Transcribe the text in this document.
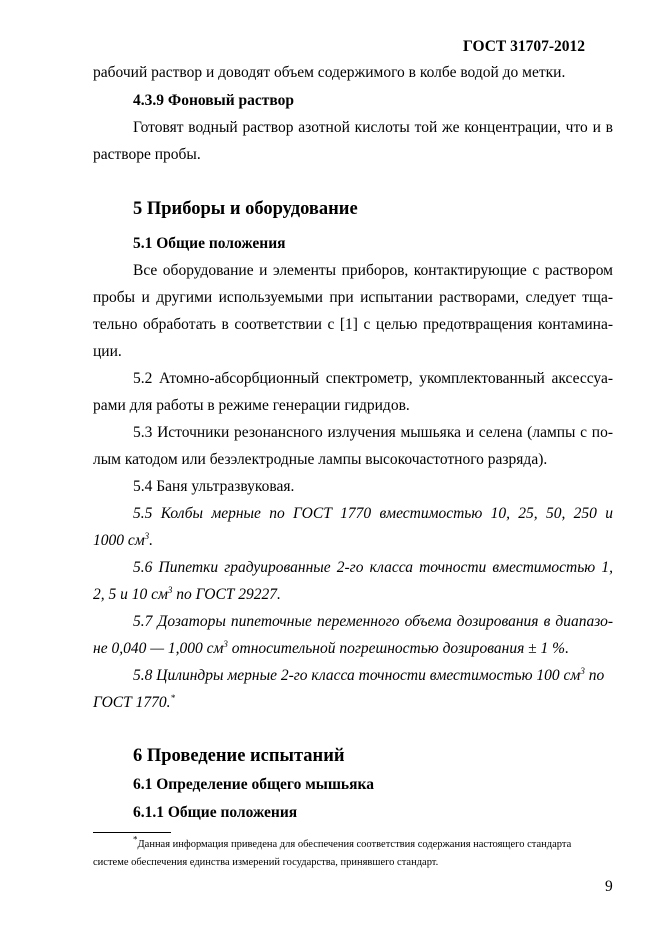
ГОСТ 31707-2012
рабочий раствор и доводят объем содержимого в колбе водой до метки.
4.3.9 Фоновый раствор
Готовят водный раствор азотной кислоты той же концентрации, что и в
растворе пробы.
5 Приборы и оборудование
5.1 Общие положения
Все оборудование и элементы приборов, контактирующие с раствором
пробы и другими используемыми при испытании растворами, следует тща-
тельно обработать в соответствии с [1] с целью предотвращения контамина-
ции.
5.2 Атомно-абсорбционный спектрометр, укомплектованный аксессуа-
рами для работы в режиме генерации гидридов.
5.3 Источники резонансного излучения мышьяка и селена (лампы с по-
лым катодом или безэлектродные лампы высокочастотного разряда).
5.4 Баня ультразвуковая.
5.5 Колбы мерные по ГОСТ 1770 вместимостью 10, 25, 50, 250 и
1000 $см^3$.
5.6 Пипетки градуированные 2-го класса точности вместимостью 1,
2, 5 и 10 $см^3$ по ГОСТ 29227.
5.7 Дозаторы пипеточные переменного объема дозирования в диапазо-
не 0,040 — 1,000 $см^3$ относительной погрешностью дозирования ± 1 %.
5.8 Цилиндры мерные 2-го класса точности вместимостью 100 $см^3$ по
ГОСТ 1770.*
6 Проведение испытаний
6.1 Определение общего мышьяка
6.1.1 Общие положения
*Данная информация приведена для обеспечения соответствия содержания настоящего стандарта
системе обеспечения единства измерений государства, принявшего стандарт.
9
